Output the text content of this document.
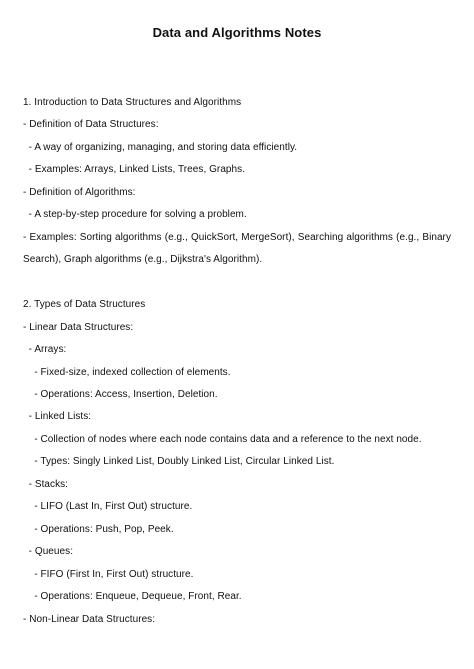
Data and Algorithms Notes
1. Introduction to Data Structures and Algorithms
- Definition of Data Structures:
- A way of organizing, managing, and storing data efficiently.
- Examples: Arrays, Linked Lists, Trees, Graphs.
- Definition of Algorithms:
- A step-by-step procedure for solving a problem.
- Examples: Sorting algorithms (e.g., QuickSort, MergeSort), Searching algorithms (e.g., Binary
Search), Graph algorithms (e.g., Dijkstra's Algorithm).
2. Types of Data Structures
- Linear Data Structures:
- Arrays:
- Fixed-size, indexed collection of elements.
- Operations: Access, Insertion, Deletion.
- Linked Lists:
- Collection of nodes where each node contains data and a reference to the next node.
- Types: Singly Linked List, Doubly Linked List, Circular Linked List.
- Stacks:
- LIFO (Last In, First Out) structure.
- Operations: Push, Pop, Peek.
- Queues:
- FIFO (First In, First Out) structure.
- Operations: Enqueue, Dequeue, Front, Rear.
- Non-Linear Data Structures:
